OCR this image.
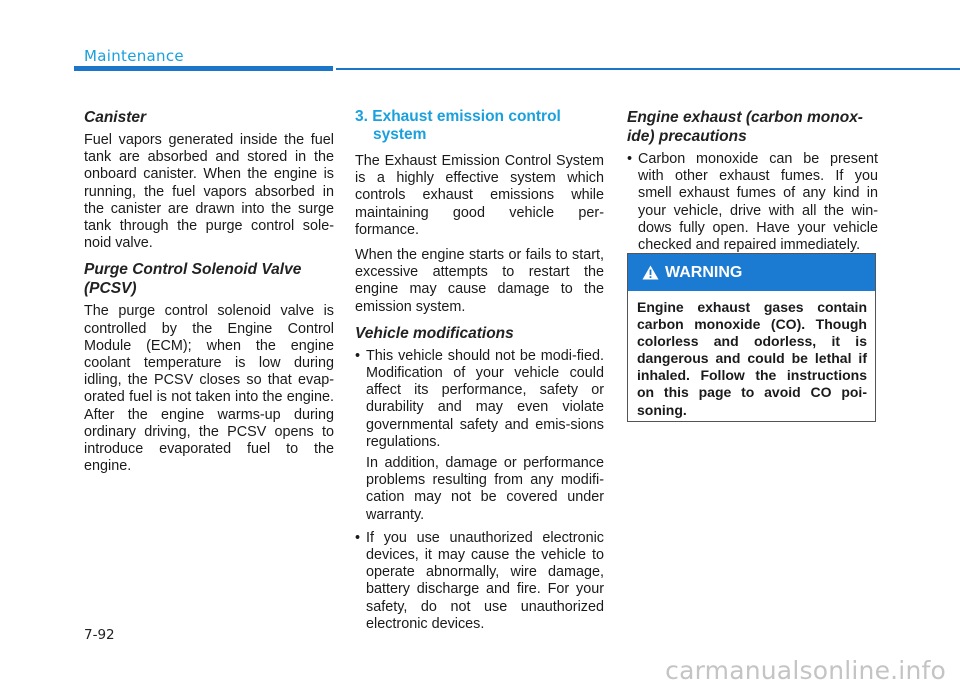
Maintenance
Canister

Fuel vapors generated inside the fuel tank are absorbed and stored in the onboard canister. When the engine is running, the fuel vapors absorbed in the canister are drawn into the surge tank through the purge control sole-noid valve.

Purge Control Solenoid Valve (PCSV)

The purge control solenoid valve is controlled by the Engine Control Module (ECM); when the engine coolant temperature is low during idling, the PCSV closes so that evap-orated fuel is not taken into the engine. After the engine warms-up during ordinary driving, the PCSV opens to introduce evaporated fuel to the engine.

3. Exhaust emission control system

The Exhaust Emission Control System is a highly effective system which controls exhaust emissions while maintaining good vehicle per-formance.

When the engine starts or fails to start, excessive attempts to restart the engine may cause damage to the emission system.

Vehicle modifications
• This vehicle should not be modi-fied. Modification of your vehicle could affect its performance, safety or durability and may even violate governmental safety and emis-sions regulations.

In addition, damage or performance problems resulting from any modifi-cation may not be covered under warranty.

• If you use unauthorized electronic devices, it may cause the vehicle to operate abnormally, wire damage, battery discharge and fire. For your safety, do not use unauthorized electronic devices.
Engine exhaust (carbon monox-ide) precautions
• Carbon monoxide can be present with other exhaust fumes. If you smell exhaust fumes of any kind in your vehicle, drive with all the win-dows fully open. Have your vehicle checked and repaired immediately.
WARNING
Engine exhaust gases contain carbon monoxide (CO). Though colorless and odorless, it is dangerous and could be lethal if inhaled. Follow the instructions on this page to avoid CO poi-soning.
7-92
carmanualsonline.info
